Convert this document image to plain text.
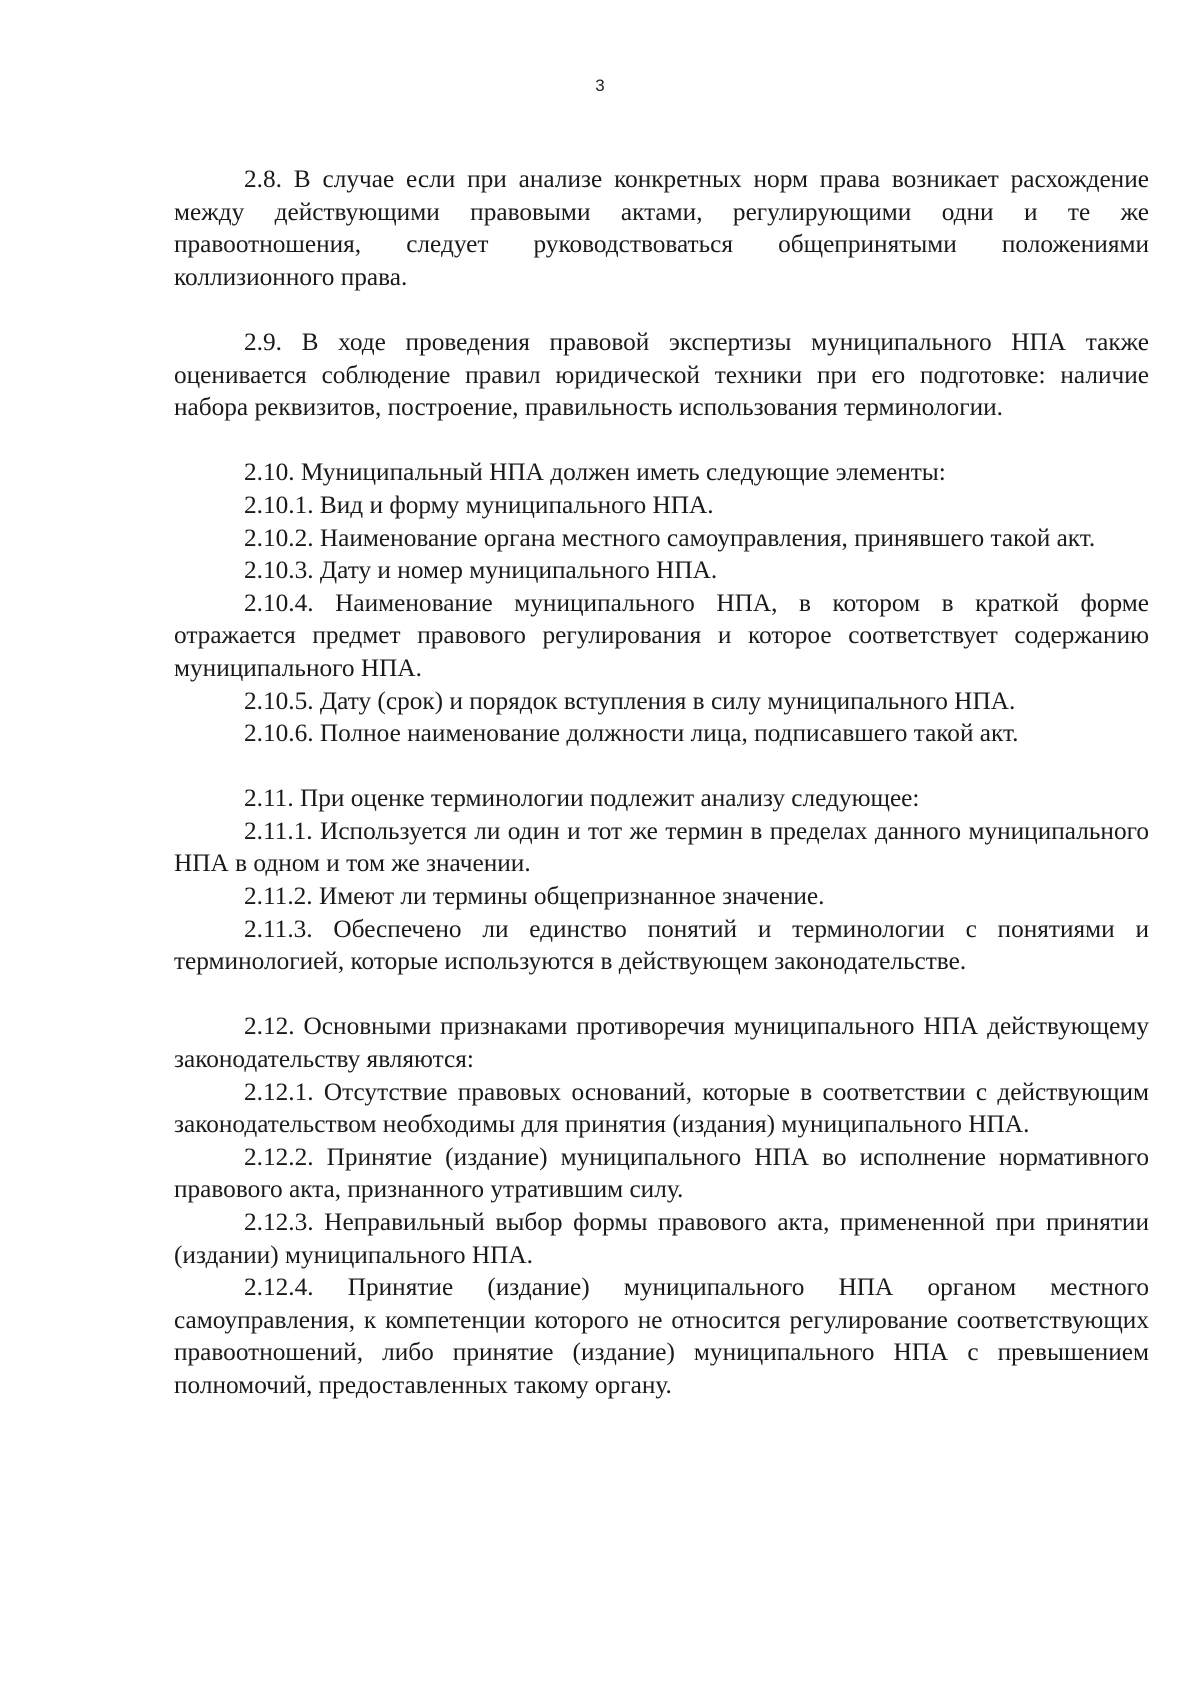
3

2.8. В случае если при анализе конкретных норм права возникает расхождение между действующими правовыми актами, регулирующими одни и те же правоотношения, следует руководствоваться общепринятыми положениями коллизионного права.

2.9. В ходе проведения правовой экспертизы муниципального НПА также оценивается соблюдение правил юридической техники при его подготовке: наличие набора реквизитов, построение, правильность использования терминологии.

2.10. Муниципальный НПА должен иметь следующие элементы:

2.10.1. Вид и форму муниципального НПА.

2.10.2. Наименование органа местного самоуправления, принявшего такой акт.

2.10.3. Дату и номер муниципального НПА.

2.10.4. Наименование муниципального НПА, в котором в краткой форме отражается предмет правового регулирования и которое соответствует содержанию муниципального НПА.

2.10.5. Дату (срок) и порядок вступления в силу муниципального НПА.

2.10.6. Полное наименование должности лица, подписавшего такой акт.

2.11. При оценке терминологии подлежит анализу следующее:

2.11.1. Используется ли один и тот же термин в пределах данного муниципального НПА в одном и том же значении.

2.11.2. Имеют ли термины общепризнанное значение.

2.11.3. Обеспечено ли единство понятий и терминологии с понятиями и терминологией, которые используются в действующем законодательстве.

2.12. Основными признаками противоречия муниципального НПА действующему законодательству являются:

2.12.1. Отсутствие правовых оснований, которые в соответствии с действующим законодательством необходимы для принятия (издания) муниципального НПА.

2.12.2. Принятие (издание) муниципального НПА во исполнение нормативного правового акта, признанного утратившим силу.

2.12.3. Неправильный выбор формы правового акта, примененной при принятии (издании) муниципального НПА.

2.12.4. Принятие (издание) муниципального НПА органом местного самоуправления, к компетенции которого не относится регулирование соответствующих правоотношений, либо принятие (издание) муниципального НПА с превышением полномочий, предоставленных такому органу.
